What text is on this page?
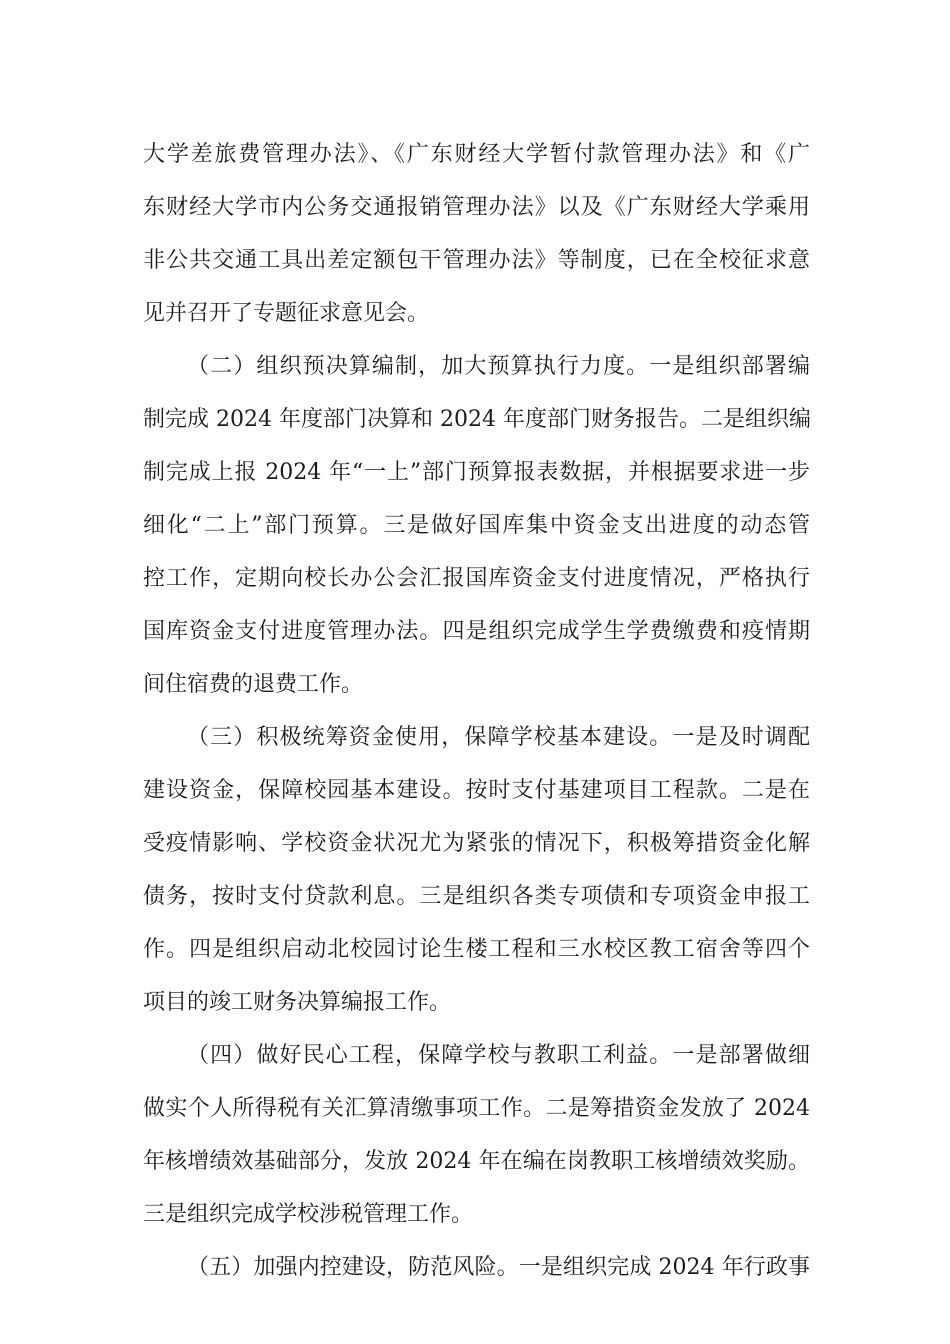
大学差旅费管理办法》、《广东财经大学暂付款管理办法》和《广
东财经大学市内公务交通报销管理办法》以及《广东财经大学乘用
非公共交通工具出差定额包干管理办法》等制度，已在全校征求意
见并召开了专题征求意见会。
（二）组织预决算编制，加大预算执行力度。一是组织部署编
制完成 2024 年度部门决算和 2024 年度部门财务报告。二是组织编
制完成上报 2024 年“一上”部门预算报表数据，并根据要求进一步
细化“二上”部门预算。三是做好国库集中资金支出进度的动态管
控工作，定期向校长办公会汇报国库资金支付进度情况，严格执行
国库资金支付进度管理办法。四是组织完成学生学费缴费和疫情期
间住宿费的退费工作。
（三）积极统筹资金使用，保障学校基本建设。一是及时调配
建设资金，保障校园基本建设。按时支付基建项目工程款。二是在
受疫情影响、学校资金状况尤为紧张的情况下，积极筹措资金化解
债务，按时支付贷款利息。三是组织各类专项债和专项资金申报工
作。四是组织启动北校园讨论生楼工程和三水校区教工宿舍等四个
项目的竣工财务决算编报工作。
（四）做好民心工程，保障学校与教职工利益。一是部署做细
做实个人所得税有关汇算清缴事项工作。二是筹措资金发放了 2024
年核增绩效基础部分，发放 2024 年在编在岗教职工核增绩效奖励。
三是组织完成学校涉税管理工作。
（五）加强内控建设，防范风险。一是组织完成 2024 年行政事
